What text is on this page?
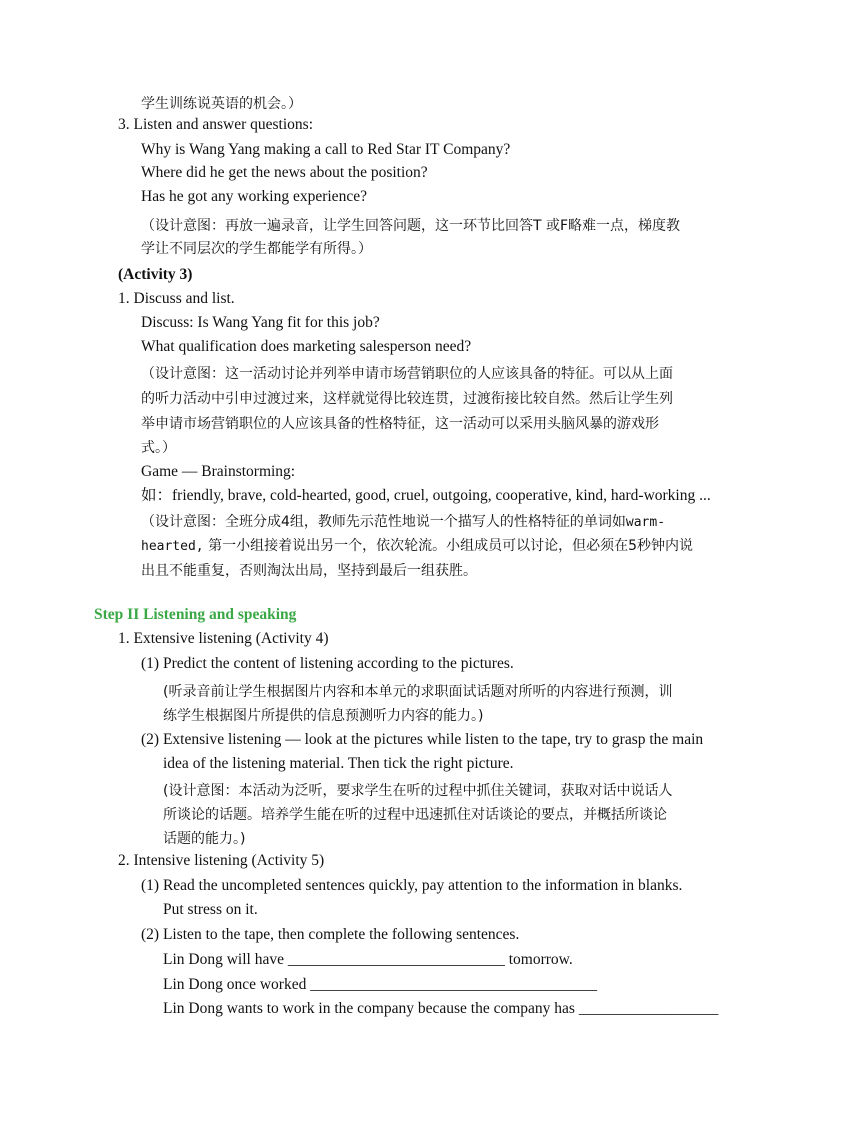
学生训练说英语的机会。）
3. Listen and answer questions:
Why is Wang Yang making a call to Red Star IT Company?
Where did he get the news about the position?
Has he got any working experience?
（设计意图：再放一遍录音，让学生回答问题，这一环节比回答T 或F略难一点，梯度教
学让不同层次的学生都能学有所得。）
(Activity 3)
1. Discuss and list.
Discuss: Is Wang Yang fit for this job?
What qualification does marketing salesperson need?
（设计意图：这一活动讨论并列举申请市场营销职位的人应该具备的特征。可以从上面
的听力活动中引申过渡过来，这样就觉得比较连贯，过渡衔接比较自然。然后让学生列
举申请市场营销职位的人应该具备的性格特征，这一活动可以采用头脑风暴的游戏形
式。）
Game — Brainstorming:
如：friendly, brave, cold-hearted, good, cruel, outgoing, cooperative, kind, hard-working ...
（设计意图：全班分成4组，教师先示范性地说一个描写人的性格特征的单词如warm-
hearted, 第一小组接着说出另一个，依次轮流。小组成员可以讨论，但必须在5秒钟内说
出且不能重复，否则淘汰出局，坚持到最后一组获胜。
Step II Listening and speaking
1. Extensive listening (Activity 4)
(1) Predict the content of listening according to the pictures.
(听录音前让学生根据图片内容和本单元的求职面试话题对所听的内容进行预测，训
练学生根据图片所提供的信息预测听力内容的能力。)
(2) Extensive listening — look at the pictures while listen to the tape, try to grasp the main
idea of the listening material. Then tick the right picture.
(设计意图：本活动为泛听，要求学生在听的过程中抓住关键词，获取对话中说话人
所谈论的话题。培养学生能在听的过程中迅速抓住对话谈论的要点，并概括所谈论
话题的能力。)
2. Intensive listening (Activity 5)
(1) Read the uncompleted sentences quickly, pay attention to the information in blanks.
Put stress on it.
(2) Listen to the tape, then complete the following sentences.
Lin Dong will have ____________________________ tomorrow.
Lin Dong once worked _____________________________________
Lin Dong wants to work in the company because the company has __________________
